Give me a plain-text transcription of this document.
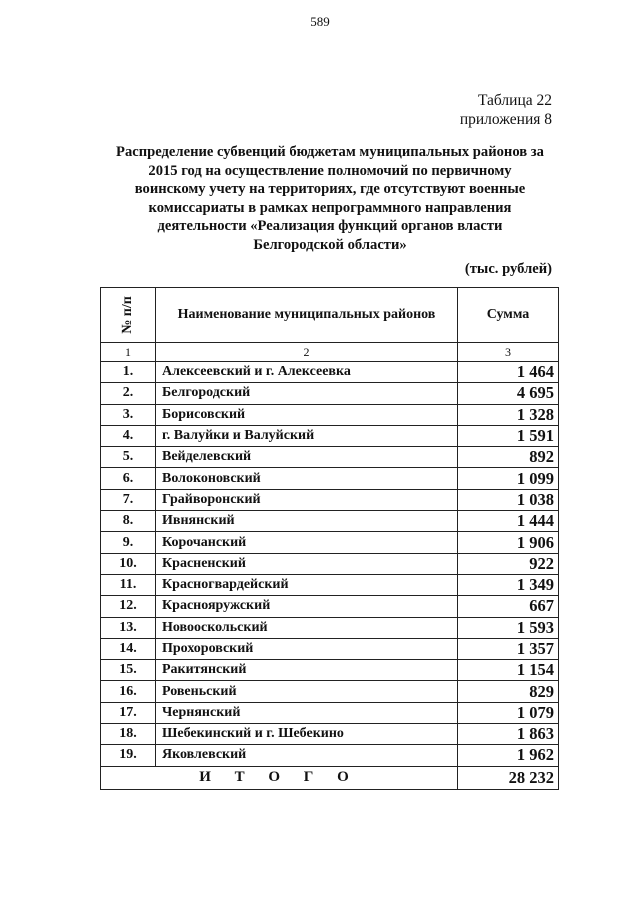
589
Таблица 22
приложения 8
Распределение субвенций бюджетам муниципальных районов за
2015 год на осуществление полномочий по первичному
воинскому учету на территориях, где отсутствуют военные
комиссариаты в рамках непрограммного направления
деятельности «Реализация функций органов власти
Белгородской области»
(тыс. рублей)
№ п/п	Наименование муниципальных районов	Сумма
1	2	3
1.	Алексеевский и г. Алексеевка	1 464
2.	Белгородский	4 695
3.	Борисовский	1 328
4.	г. Валуйки и Валуйский	1 591
5.	Вейделевский	892
6.	Волоконовский	1 099
7.	Грайворонский	1 038
8.	Ивнянский	1 444
9.	Корочанский	1 906
10.	Красненский	922
11.	Красногвардейский	1 349
12.	Краснояружский	667
13.	Новооскольский	1 593
14.	Прохоровский	1 357
15.	Ракитянский	1 154
16.	Ровеньский	829
17.	Чернянский	1 079
18.	Шебекинский и г. Шебекино	1 863
19.	Яковлевский	1 962
И Т О Г О		28 232
